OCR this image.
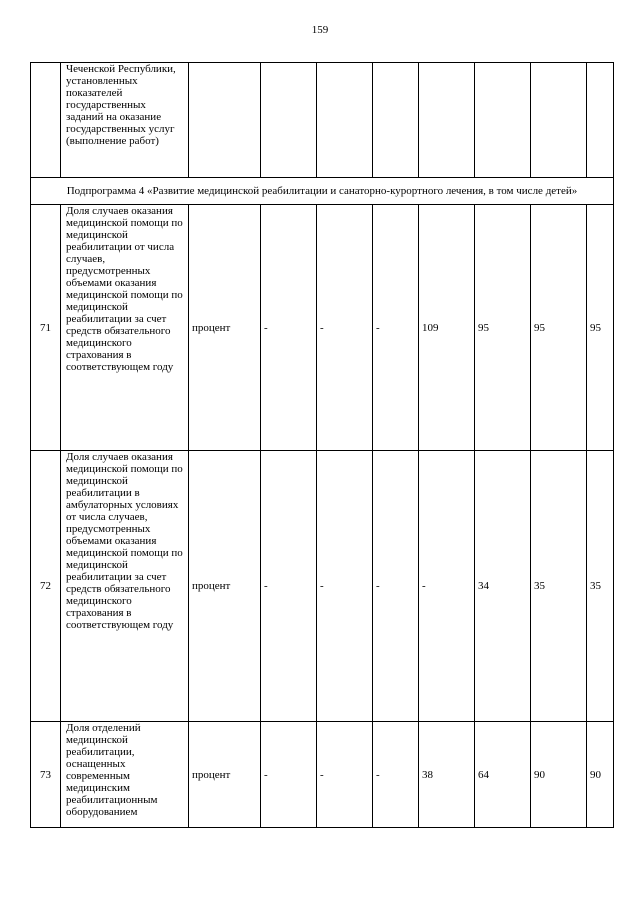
159
	Чеченской Республики, установленных показателей государственных заданий на оказание государственных услуг (выполнение работ)								
Подпрограмма 4 «Развитие медицинской реабилитации и санаторно-курортного лечения, в том числе детей»									
71	Доля случаев оказания медицинской помощи по медицинской реабилитации от числа случаев, предусмотренных объемами оказания медицинской помощи по медицинской реабилитации за счет средств обязательного медицинского страхования в соответствующем году	процент	-	-	-	109	95	95	95
72	Доля случаев оказания медицинской помощи по медицинской реабилитации в амбулаторных условиях от числа случаев, предусмотренных объемами оказания медицинской помощи по медицинской реабилитации за счет средств обязательного медицинского страхования в соответствующем году	процент	-	-	-	-	34	35	35
73	Доля отделений медицинской реабилитации, оснащенных современным медицинским реабилитационным оборудованием	процент	-	-	-	38	64	90	90
